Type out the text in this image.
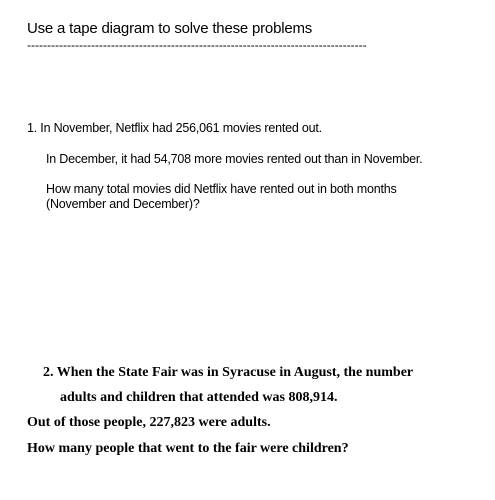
Use a tape diagram to solve these problems
-------------------------------------------------------------------------------------
1. In November, Netflix had 256,061 movies rented out.
In December, it had 54,708 more movies rented out than in November.
How many total movies did Netflix have rented out in both months
(November and December)?
2. When the State Fair was in Syracuse in August, the number
adults and children that attended was 808,914.
Out of those people, 227,823 were adults.
How many people that went to the fair were children?
